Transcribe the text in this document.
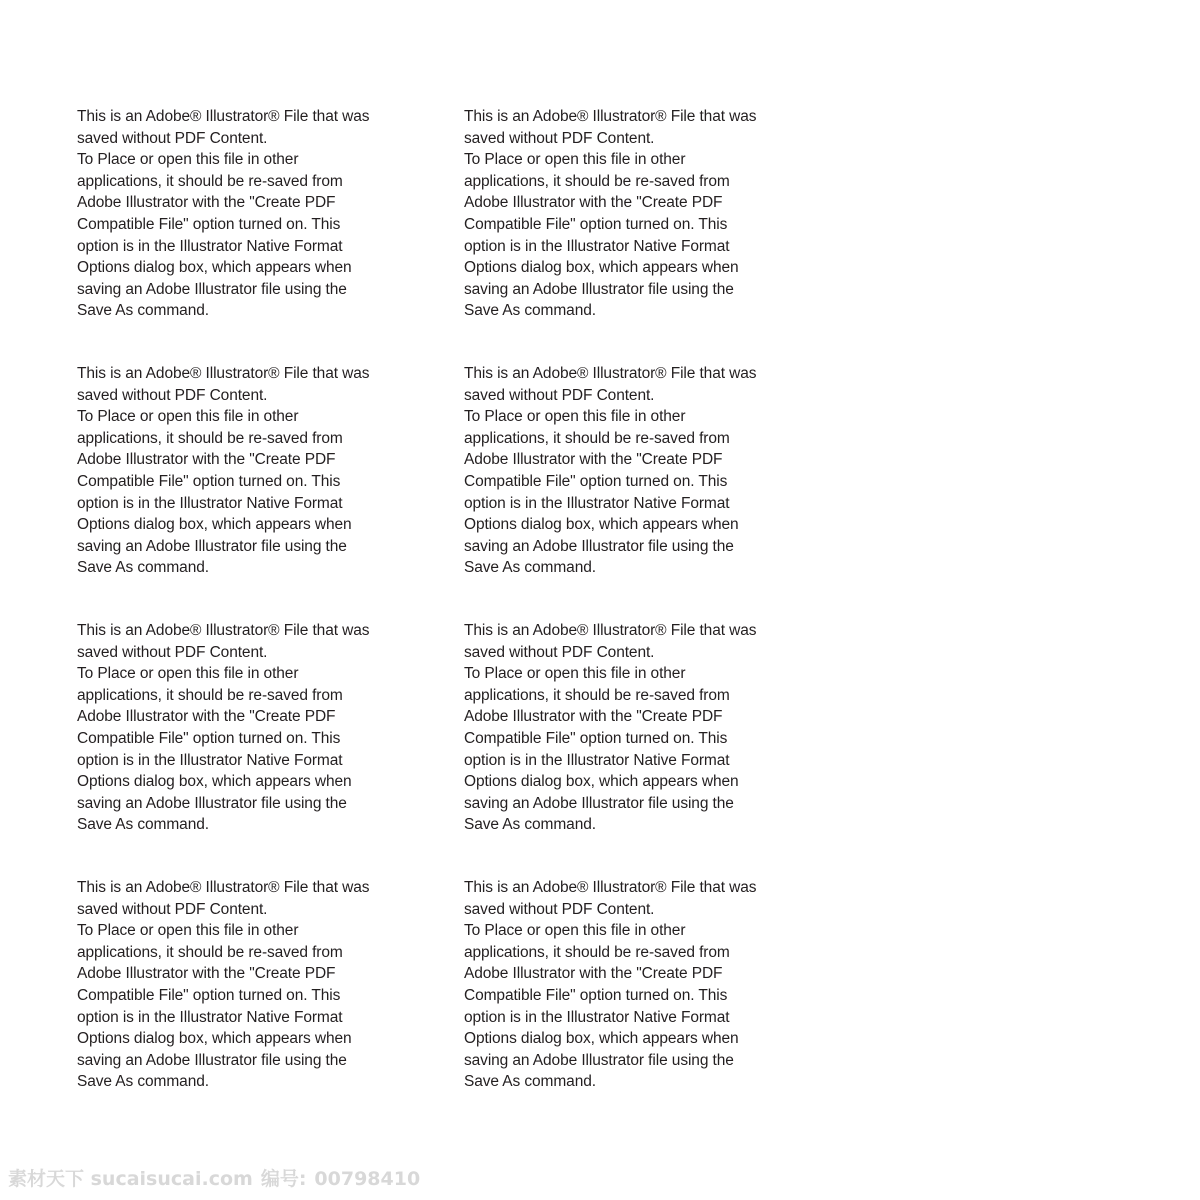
This is an Adobe® Illustrator® File that was
saved without PDF Content.
To Place or open this file in other
applications, it should be re-saved from
Adobe Illustrator with the "Create PDF
Compatible File" option turned on. This
option is in the Illustrator Native Format
Options dialog box, which appears when
saving an Adobe Illustrator file using the
Save As command.
This is an Adobe® Illustrator® File that was
saved without PDF Content.
To Place or open this file in other
applications, it should be re-saved from
Adobe Illustrator with the "Create PDF
Compatible File" option turned on. This
option is in the Illustrator Native Format
Options dialog box, which appears when
saving an Adobe Illustrator file using the
Save As command.
This is an Adobe® Illustrator® File that was
saved without PDF Content.
To Place or open this file in other
applications, it should be re-saved from
Adobe Illustrator with the "Create PDF
Compatible File" option turned on. This
option is in the Illustrator Native Format
Options dialog box, which appears when
saving an Adobe Illustrator file using the
Save As command.
This is an Adobe® Illustrator® File that was
saved without PDF Content.
To Place or open this file in other
applications, it should be re-saved from
Adobe Illustrator with the "Create PDF
Compatible File" option turned on. This
option is in the Illustrator Native Format
Options dialog box, which appears when
saving an Adobe Illustrator file using the
Save As command.
This is an Adobe® Illustrator® File that was
saved without PDF Content.
To Place or open this file in other
applications, it should be re-saved from
Adobe Illustrator with the "Create PDF
Compatible File" option turned on. This
option is in the Illustrator Native Format
Options dialog box, which appears when
saving an Adobe Illustrator file using the
Save As command.
This is an Adobe® Illustrator® File that was
saved without PDF Content.
To Place or open this file in other
applications, it should be re-saved from
Adobe Illustrator with the "Create PDF
Compatible File" option turned on. This
option is in the Illustrator Native Format
Options dialog box, which appears when
saving an Adobe Illustrator file using the
Save As command.
This is an Adobe® Illustrator® File that was
saved without PDF Content.
To Place or open this file in other
applications, it should be re-saved from
Adobe Illustrator with the "Create PDF
Compatible File" option turned on. This
option is in the Illustrator Native Format
Options dialog box, which appears when
saving an Adobe Illustrator file using the
Save As command.
This is an Adobe® Illustrator® File that was
saved without PDF Content.
To Place or open this file in other
applications, it should be re-saved from
Adobe Illustrator with the "Create PDF
Compatible File" option turned on. This
option is in the Illustrator Native Format
Options dialog box, which appears when
saving an Adobe Illustrator file using the
Save As command.
素材天下 sucaisucai.com 编号: 00798410
